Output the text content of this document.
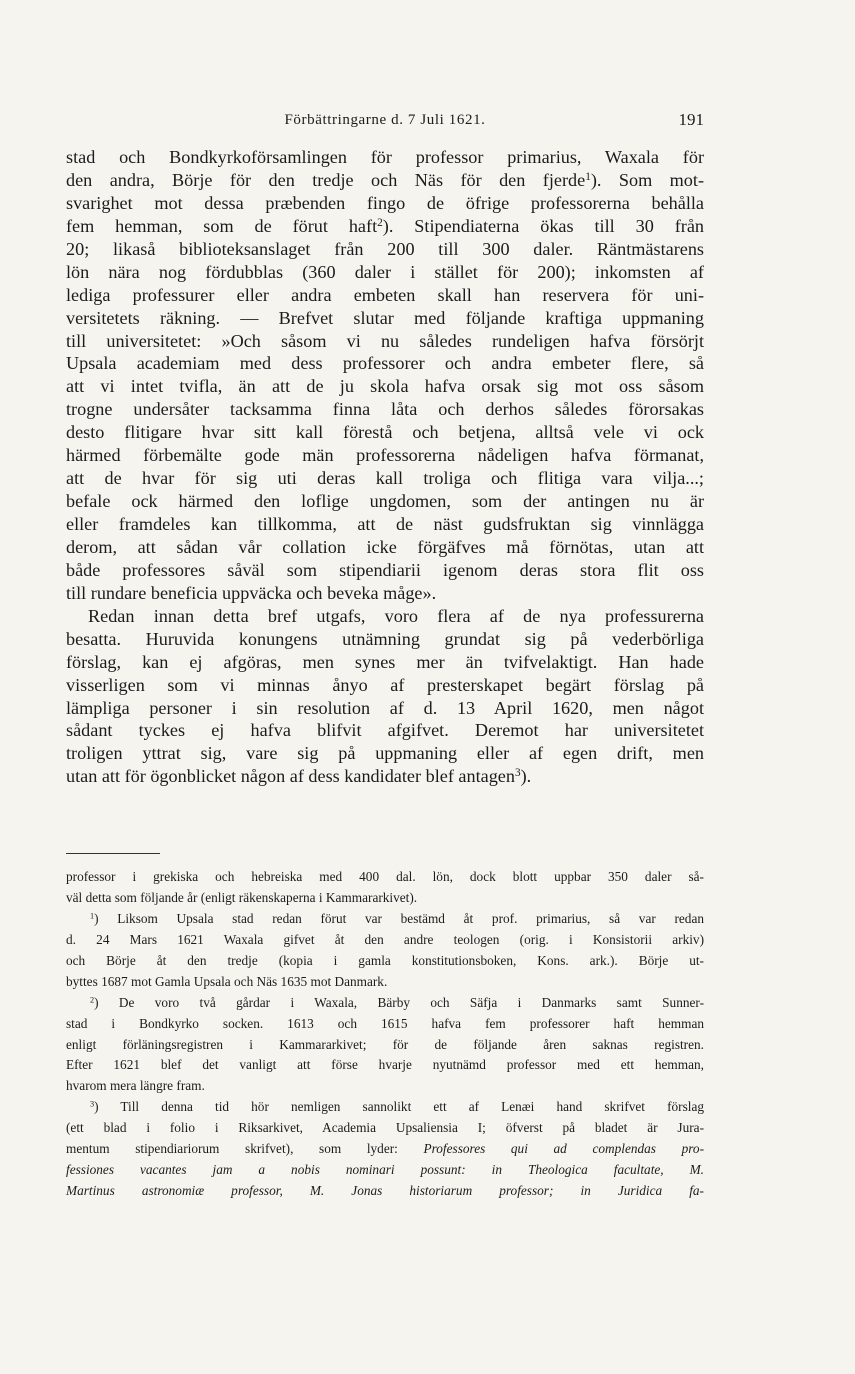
Förbättringarne d. 7 Juli 1621.	191
stad och Bondkyrkoförsamlingen för professor primarius, Waxala för
den andra, Börje för den tredje och Näs för den fjerde$^1$). Som mot-
svarighet mot dessa præbenden fingo de öfrige professorerna behålla
fem hemman, som de förut haft$^2$). Stipendiaterna ökas till 30 från
20; likaså biblioteksanslaget från 200 till 300 daler. Räntmästarens
lön nära nog fördubblas (360 daler i stället för 200); inkomsten af
lediga professurer eller andra embeten skall han reservera för uni-
versitetets räkning. — Brefvet slutar med följande kraftiga uppmaning
till universitetet: »Och såsom vi nu således rundeligen hafva försörjt
Upsala academiam med dess professorer och andra embeter flere, så
att vi intet tvifla, än att de ju skola hafva orsak sig mot oss såsom
trogne undersåter tacksamma finna låta och derhos således förorsakas
desto flitigare hvar sitt kall förestå och betjena, alltså vele vi ock
härmed förbemälte gode män professorerna nådeligen hafva förmanat,
att de hvar för sig uti deras kall troliga och flitiga vara vilja...;
befale ock härmed den loflige ungdomen, som der antingen nu är
eller framdeles kan tillkomma, att de näst gudsfruktan sig vinnlägga
derom, att sådan vår collation icke förgäfves må förnötas, utan att
både professores såväl som stipendiarii igenom deras stora flit oss
till rundare beneficia uppväcka och beveka måge».
Redan innan detta bref utgafs, voro flera af de nya professurerna
besatta. Huruvida konungens utnämning grundat sig på vederbörliga
förslag, kan ej afgöras, men synes mer än tvifvelaktigt. Han hade
visserligen som vi minnas ånyo af presterskapet begärt förslag på
lämpliga personer i sin resolution af d. 13 April 1620, men något
sådant tyckes ej hafva blifvit afgifvet. Deremot har universitetet
troligen yttrat sig, vare sig på uppmaning eller af egen drift, men
utan att för ögonblicket någon af dess kandidater blef antagen$^3$).
professor i grekiska och hebreiska med 400 dal. lön, dock blott uppbar 350 daler så-
väl detta som följande år (enligt räkenskaperna i Kammararkivet).
$^1$) Liksom Upsala stad redan förut var bestämd åt prof. primarius, så var redan
d. 24 Mars 1621 Waxala gifvet åt den andre teologen (orig. i Konsistorii arkiv)
och Börje åt den tredje (kopia i gamla konstitutionsboken, Kons. ark.). Börje ut-
byttes 1687 mot Gamla Upsala och Näs 1635 mot Danmark.
$^2$) De voro två gårdar i Waxala, Bärby och Säfja i Danmarks samt Sunner-
stad i Bondkyrko socken. 1613 och 1615 hafva fem professorer haft hemman
enligt förläningsregistren i Kammararkivet; för de följande åren saknas registren.
Efter 1621 blef det vanligt att förse hvarje nyutnämd professor med ett hemman,
hvarom mera längre fram.
$^3$) Till denna tid hör nemligen sannolikt ett af Lenæi hand skrifvet förslag
(ett blad i folio i Riksarkivet, Academia Upsaliensia I; öfverst på bladet är Jura-
mentum stipendiariorum skrifvet), som lyder: Professores qui ad complendas pro-
fessiones vacantes jam a nobis nominari possunt: in Theologica facultate, M.
Martinus astronomiæ professor, M. Jonas historiarum professor; in Juridica fa-
